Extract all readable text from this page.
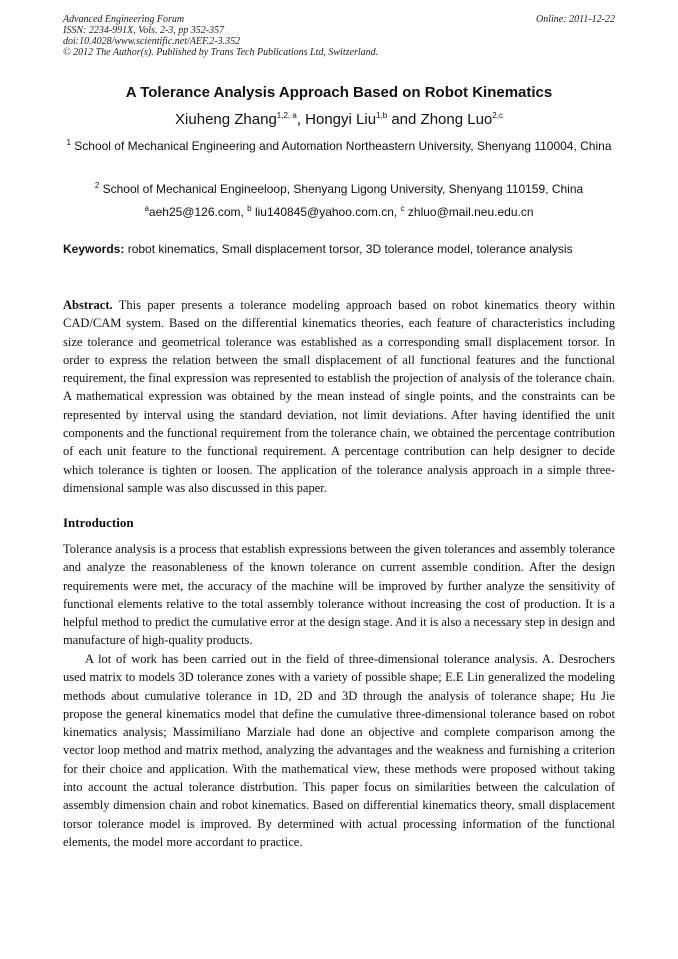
Advanced Engineering Forum
ISSN: 2234-991X, Vols. 2-3, pp 352-357
doi:10.4028/www.scientific.net/AEF.2-3.352
© 2012 The Author(s). Published by Trans Tech Publications Ltd, Switzerland.
Online: 2011-12-22
A Tolerance Analysis Approach Based on Robot Kinematics
Xiuheng Zhang$^{1,2, a}$, Hongyi Liu$^{1,b}$ and Zhong Luo$^{2,c}$
$^1$ School of Mechanical Engineering and Automation Northeastern University, Shenyang 110004, China
$^2$ School of Mechanical Engineeloop, Shenyang Ligong University, Shenyang 110159, China
$^a$aeh25@126.com, $^b$ liu140845@yahoo.com.cn, $^c$ zhluo@mail.neu.edu.cn
Keywords: robot kinematics, Small displacement torsor, 3D tolerance model, tolerance analysis
Abstract. This paper presents a tolerance modeling approach based on robot kinematics theory within CAD/CAM system. Based on the differential kinematics theories, each feature of characteristics including size tolerance and geometrical tolerance was established as a corresponding small displacement torsor. In order to express the relation between the small displacement of all functional features and the functional requirement, the final expression was represented to establish the projection of analysis of the tolerance chain. A mathematical expression was obtained by the mean instead of single points, and the constraints can be represented by interval using the standard deviation, not limit deviations. After having identified the unit components and the functional requirement from the tolerance chain, we obtained the percentage contribution of each unit feature to the functional requirement. A percentage contribution can help designer to decide which tolerance is tighten or loosen. The application of the tolerance analysis approach in a simple three-dimensional sample was also discussed in this paper.
Introduction
Tolerance analysis is a process that establish expressions between the given tolerances and assembly tolerance and analyze the reasonableness of the known tolerance on current assemble condition. After the design requirements were met, the accuracy of the machine will be improved by further analyze the sensitivity of functional elements relative to the total assembly tolerance without increasing the cost of production. It is a helpful method to predict the cumulative error at the design stage. And it is also a necessary step in design and manufacture of high-quality products.
A lot of work has been carried out in the field of three-dimensional tolerance analysis. A. Desrochers used matrix to models 3D tolerance zones with a variety of possible shape; E.E Lin generalized the modeling methods about cumulative tolerance in 1D, 2D and 3D through the analysis of tolerance shape; Hu Jie propose the general kinematics model that define the cumulative three-dimensional tolerance based on robot kinematics analysis; Massimiliano Marziale had done an objective and complete comparison among the vector loop method and matrix method, analyzing the advantages and the weakness and furnishing a criterion for their choice and application. With the mathematical view, these methods were proposed without taking into account the actual tolerance distrbution. This paper focus on similarities between the calculation of assembly dimension chain and robot kinematics. Based on differential kinematics theory, small displacement torsor tolerance model is improved. By determined with actual processing information of the functional elements, the model more accordant to practice.
